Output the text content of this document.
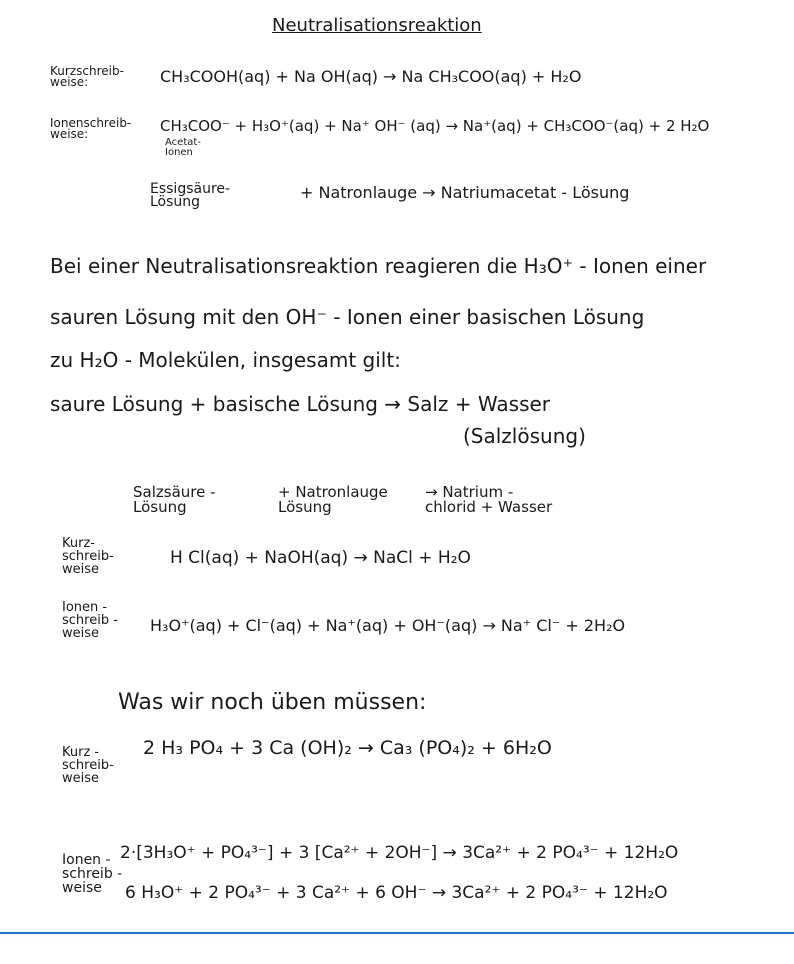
Neutralisationsreaktion
Kurzschreib-
weise:	CH₃COOH(aq) + Na OH(aq) → Na CH₃COO(aq) + H₂O
Ionenschreib-
weise:	CH₃COO⁻ + H₃O⁺(aq) + Na⁺ OH⁻ (aq) → Na⁺(aq) + CH₃COO⁻(aq) + 2 H₂O
Acetat-
Ionen
Essigsäure-
Lösung	+ Natronlauge → Natriumacetat - Lösung
Bei einer Neutralisationsreaktion reagieren die H₃O⁺ - Ionen einer
sauren Lösung mit den OH⁻ - Ionen einer basischen Lösung
zu H₂O - Molekülen, insgesamt gilt:
saure Lösung + basische Lösung → Salz + Wasser
(Salzlösung)
Salzsäure -
Lösung
+ Natronlauge
Lösung
→ Natrium -
chlorid + Wasser
Kurz-
schreib-
weise
H Cl(aq) + NaOH(aq) → NaCl + H₂O
Ionen -
schreib -
weise	H₃O⁺(aq) + Cl⁻(aq) + Na⁺(aq) + OH⁻(aq) → Na⁺ Cl⁻ + 2H₂O
Was wir noch üben müssen:
Kurz -
schreib-
weise
2 H₃ PO₄ + 3 Ca (OH)₂ → Ca₃ (PO₄)₂ + 6H₂O
Ionen -
schreib -
weise
2·[3H₃O⁺ + PO₄³⁻] + 3 [Ca²⁺ + 2OH⁻] → 3Ca²⁺ + 2 PO₄³⁻ + 12H₂O
6 H₃O⁺ + 2 PO₄³⁻ + 3 Ca²⁺ + 6 OH⁻ → 3Ca²⁺ + 2 PO₄³⁻ + 12H₂O
